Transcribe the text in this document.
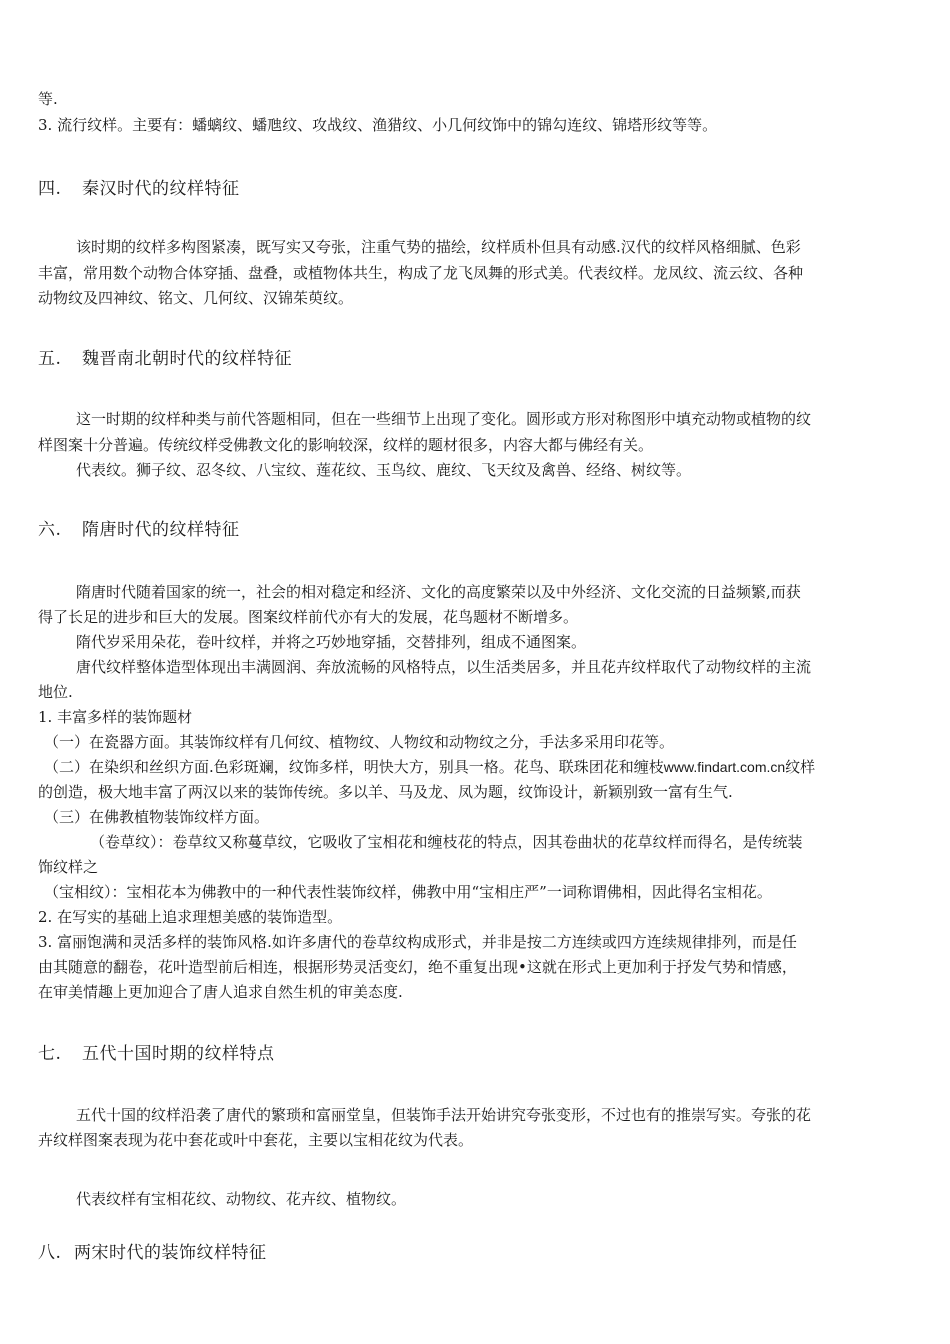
等.
3. 流行纹样。主要有：蟠螭纹、蟠虺纹、攻战纹、渔猎纹、小几何纹饰中的锦勾连纹、锦塔形纹等等。
四. 秦汉时代的纹样特征
该时期的纹样多构图紧凑，既写实又夸张，注重气势的描绘，纹样质朴但具有动感.汉代的纹样风格细腻、色彩
丰富，常用数个动物合体穿插、盘叠，或植物体共生，构成了龙飞凤舞的形式美。代表纹样。龙凤纹、流云纹、各种
动物纹及四神纹、铭文、几何纹、汉锦茱萸纹。
五. 魏晋南北朝时代的纹样特征
这一时期的纹样种类与前代答题相同，但在一些细节上出现了变化。圆形或方形对称图形中填充动物或植物的纹
样图案十分普遍。传统纹样受佛教文化的影响较深，纹样的题材很多，内容大都与佛经有关。
代表纹。狮子纹、忍冬纹、八宝纹、莲花纹、玉鸟纹、鹿纹、飞天纹及禽兽、经络、树纹等。
六. 隋唐时代的纹样特征
隋唐时代随着国家的统一，社会的相对稳定和经济、文化的高度繁荣以及中外经济、文化交流的日益频繁,而获
得了长足的进步和巨大的发展。图案纹样前代亦有大的发展，花鸟题材不断增多。
隋代岁采用朵花，卷叶纹样，并将之巧妙地穿插，交替排列，组成不通图案。
唐代纹样整体造型体现出丰满圆润、奔放流畅的风格特点，以生活类居多，并且花卉纹样取代了动物纹样的主流
地位.
1. 丰富多样的装饰题材
（一）在瓷器方面。其装饰纹样有几何纹、植物纹、人物纹和动物纹之分，手法多采用印花等。
（二）在染织和丝织方面.色彩斑斓，纹饰多样，明快大方，别具一格。花鸟、联珠团花和缠枝www.findart.com.cn纹样
的创造，极大地丰富了两汉以来的装饰传统。多以羊、马及龙、凤为题，纹饰设计，新颖别致一富有生气.
（三）在佛教植物装饰纹样方面。
（卷草纹）：卷草纹又称蔓草纹，它吸收了宝相花和缠枝花的特点，因其卷曲状的花草纹样而得名，是传统装
饰纹样之
（宝相纹）：宝相花本为佛教中的一种代表性装饰纹样，佛教中用“宝相庄严”一词称谓佛相，因此得名宝相花。
2. 在写实的基础上追求理想美感的装饰造型。
3. 富丽饱满和灵活多样的装饰风格.如许多唐代的卷草纹构成形式，并非是按二方连续或四方连续规律排列，而是任
由其随意的翻卷，花叶造型前后相连，根据形势灵活变幻，绝不重复出现•这就在形式上更加利于抒发气势和情感，
在审美情趣上更加迎合了唐人追求自然生机的审美态度.
七. 五代十国时期的纹样特点
五代十国的纹样沿袭了唐代的繁琐和富丽堂皇，但装饰手法开始讲究夸张变形，不过也有的推崇写实。夸张的花
卉纹样图案表现为花中套花或叶中套花，主要以宝相花纹为代表。
代表纹样有宝相花纹、动物纹、花卉纹、植物纹。
八. 两宋时代的装饰纹样特征
